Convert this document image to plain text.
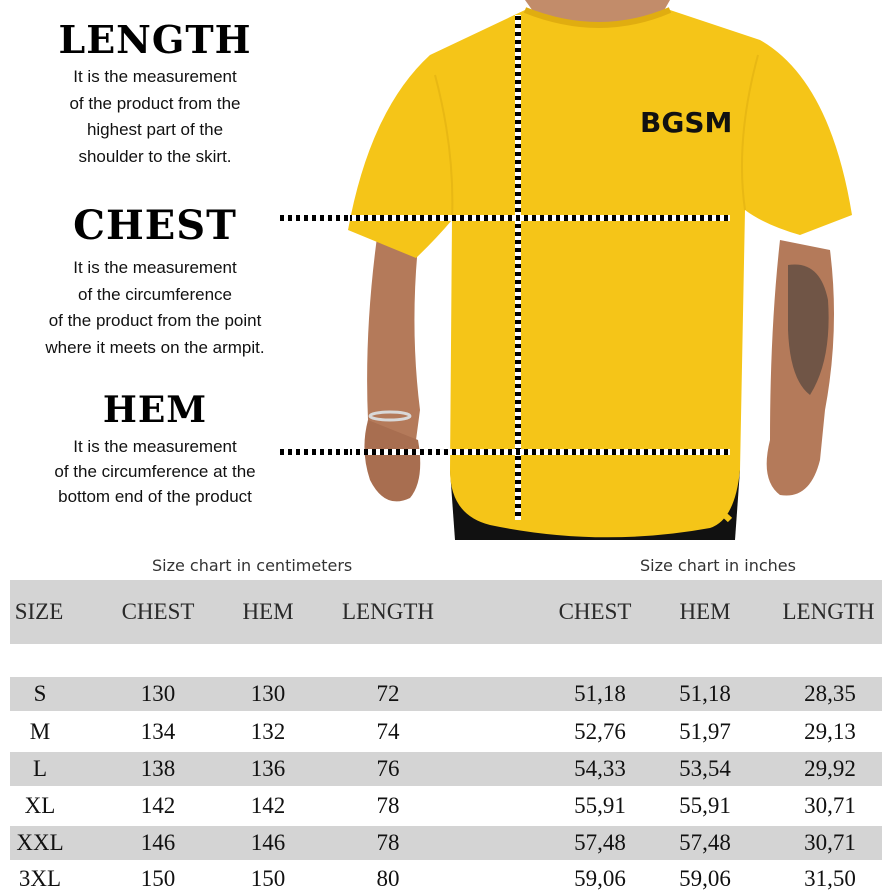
LENGTH
It is the measurement
of the product from the
highest part of the
shoulder to the skirt.
CHEST
It is the measurement
of the circumference
of the product from the point
where it meets on the armpit.
HEM
It is the measurement
of the circumference at the
bottom end of the product
BGSM
Size chart in centimeters	Size chart in inches
SIZE	CHEST	HEM	LENGTH	CHEST	HEM	LENGTH
S	130	130	72	51,18	51,18	28,35
M	134	132	74	52,76	51,97	29,13
L	138	136	76	54,33	53,54	29,92
XL	142	142	78	55,91	55,91	30,71
XXL	146	146	78	57,48	57,48	30,71
3XL	150	150	80	59,06	59,06	31,50
